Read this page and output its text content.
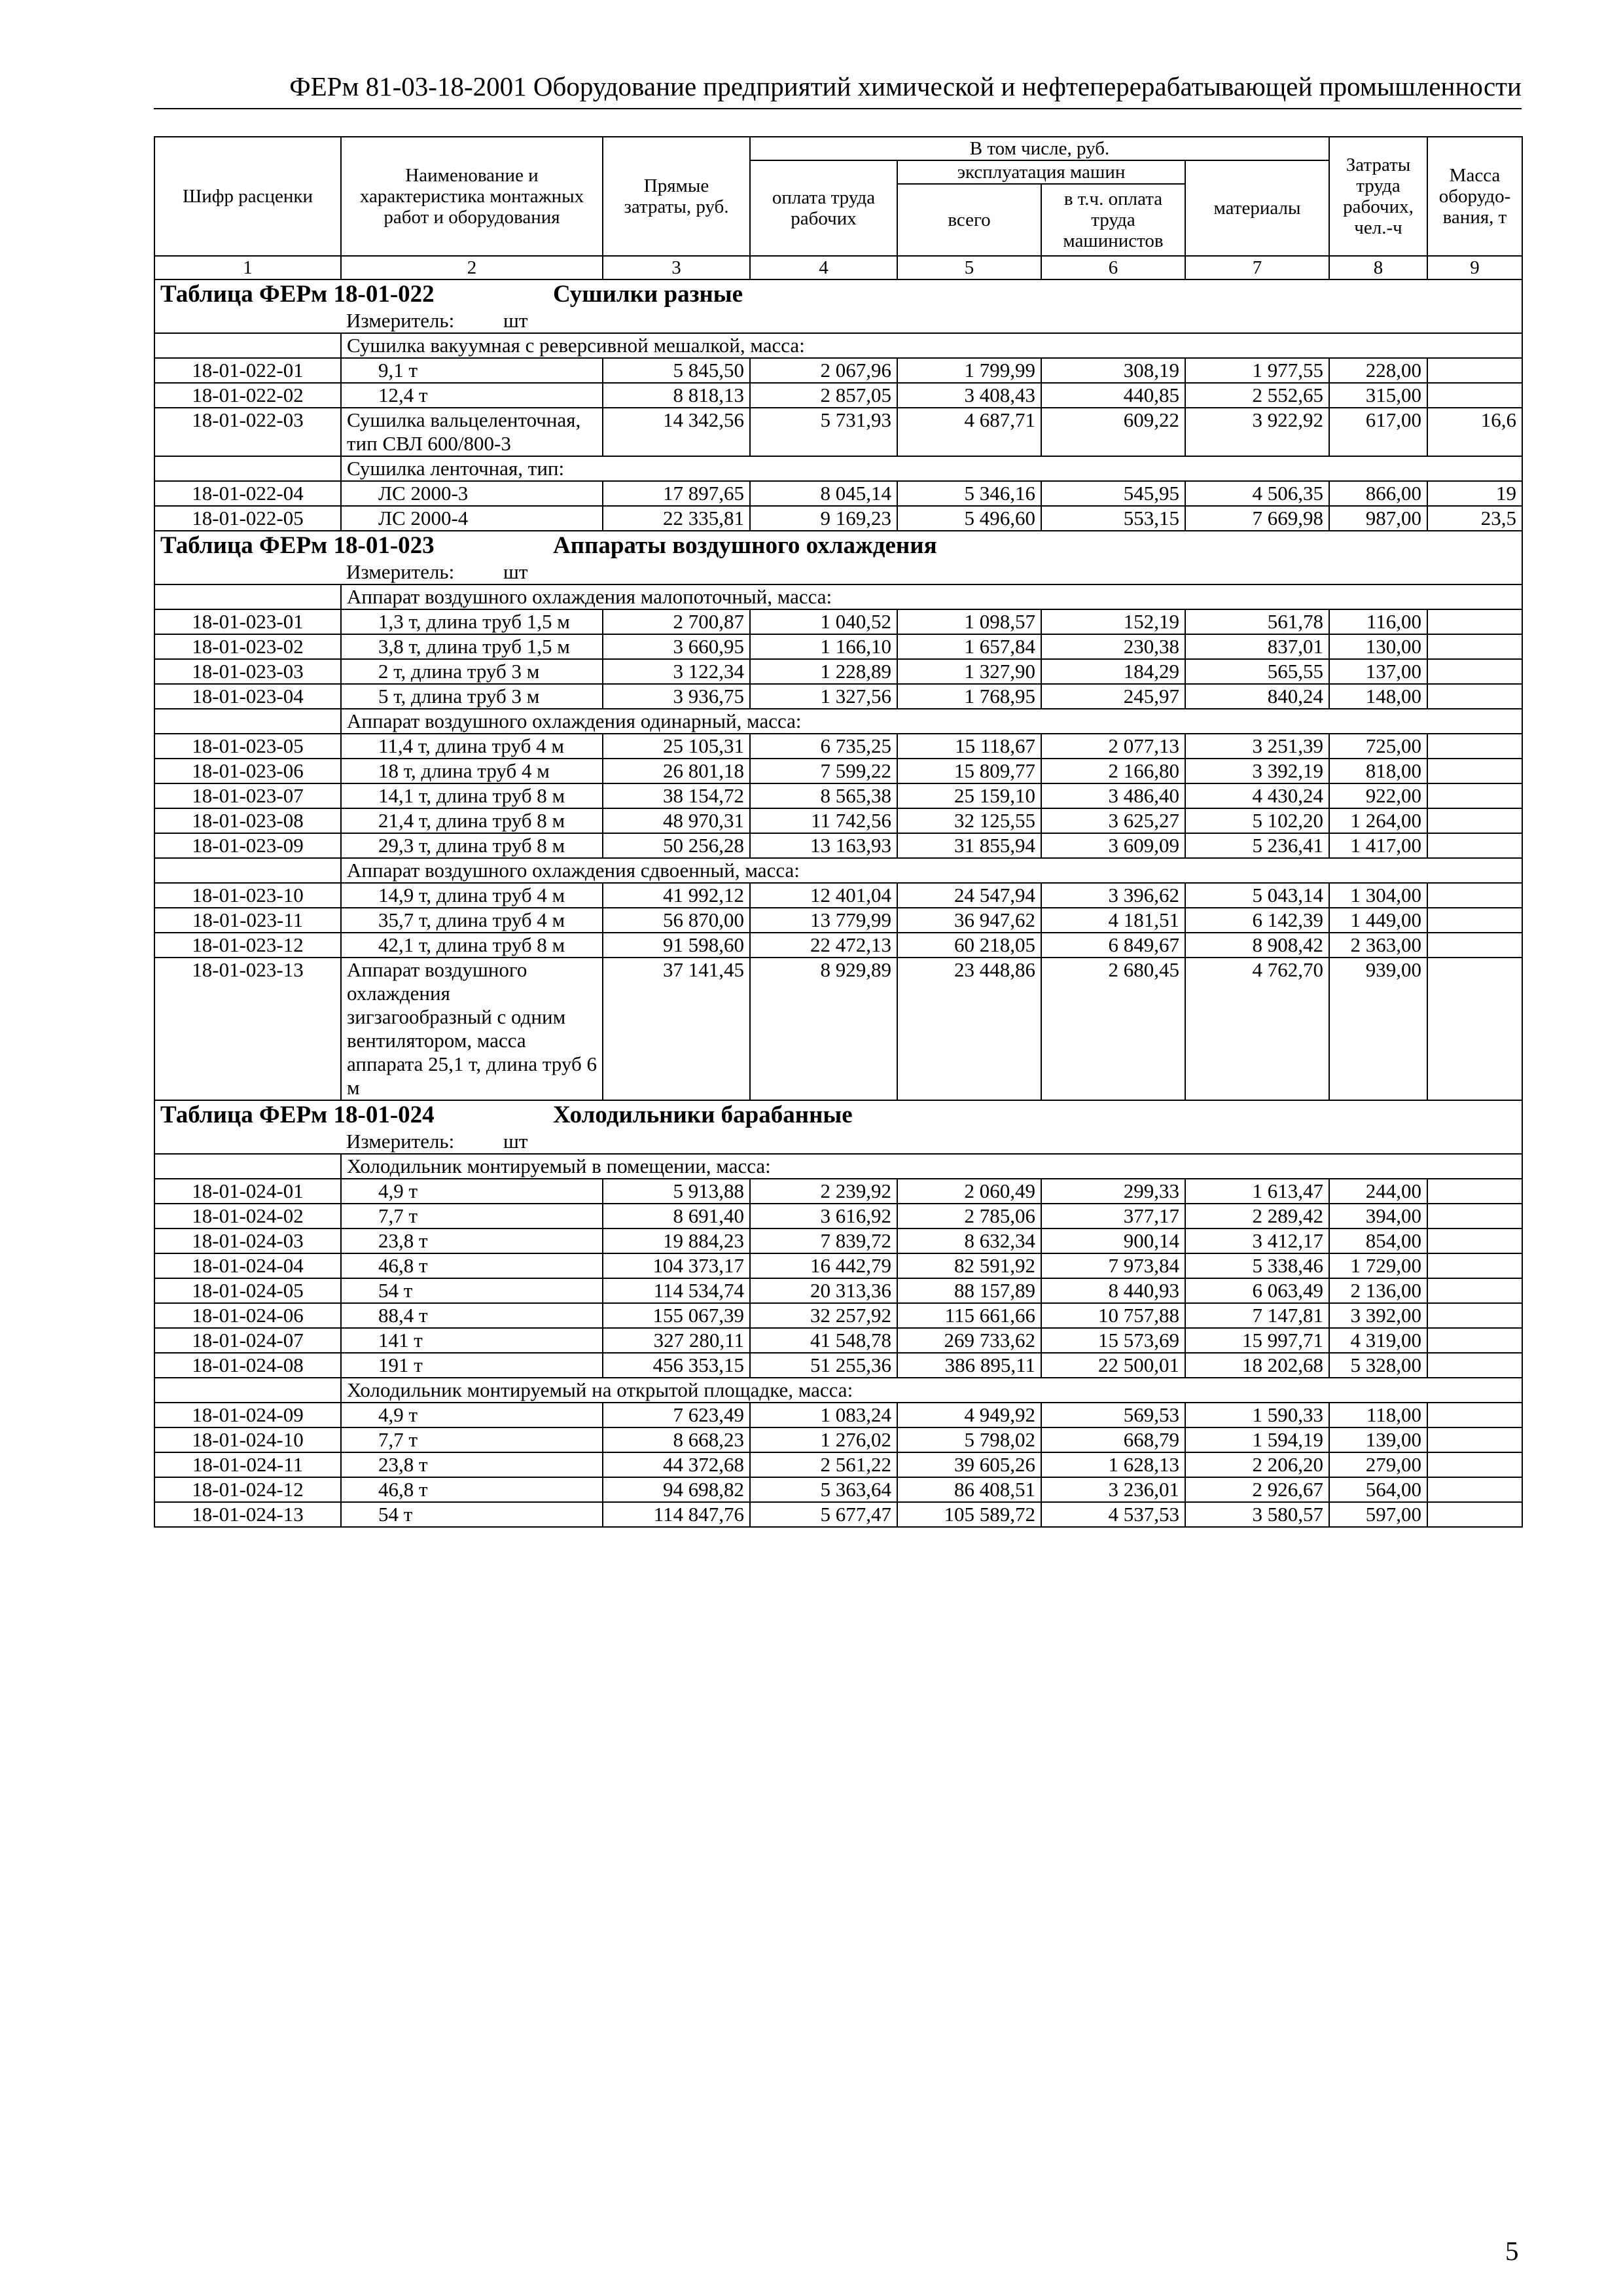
ФЕРм 81-03-18-2001 Оборудование предприятий химической и нефтеперерабатывающей промышленности
Шифр расценки	Наименование и характеристика монтажных работ и оборудования	Прямые затраты, руб.	В том числе, руб.				Затраты труда рабочих, чел.-ч	Масса оборудо-вания, т
			оплата труда рабочих	эксплуатация машин		материалы		
				всего	в т.ч. оплата труда машинистов			
1	2	3	4	5	6	7	8	9
Таблица ФЕРм 18-01-022 Сушилки разные								
	Измеритель: шт							
	Сушилка вакуумная с реверсивной мешалкой, масса:							
18-01-022-01	9,1 т	5 845,50	2 067,96	1 799,99	308,19	1 977,55	228,00	
18-01-022-02	12,4 т	8 818,13	2 857,05	3 408,43	440,85	2 552,65	315,00	
18-01-022-03	Сушилка вальцеленточная, тип СВЛ 600/800-3	14 342,56	5 731,93	4 687,71	609,22	3 922,92	617,00	16,6
	Сушилка ленточная, тип:							
18-01-022-04	ЛС 2000-3	17 897,65	8 045,14	5 346,16	545,95	4 506,35	866,00	19
18-01-022-05	ЛС 2000-4	22 335,81	9 169,23	5 496,60	553,15	7 669,98	987,00	23,5
Таблица ФЕРм 18-01-023 Аппараты воздушного охлаждения								
	Измеритель: шт							
	Аппарат воздушного охлаждения малопоточный, масса:							
18-01-023-01	1,3 т, длина труб 1,5 м	2 700,87	1 040,52	1 098,57	152,19	561,78	116,00	
18-01-023-02	3,8 т, длина труб 1,5 м	3 660,95	1 166,10	1 657,84	230,38	837,01	130,00	
18-01-023-03	2 т, длина труб 3 м	3 122,34	1 228,89	1 327,90	184,29	565,55	137,00	
18-01-023-04	5 т, длина труб 3 м	3 936,75	1 327,56	1 768,95	245,97	840,24	148,00	
	Аппарат воздушного охлаждения одинарный, масса:							
18-01-023-05	11,4 т, длина труб 4 м	25 105,31	6 735,25	15 118,67	2 077,13	3 251,39	725,00	
18-01-023-06	18 т, длина труб 4 м	26 801,18	7 599,22	15 809,77	2 166,80	3 392,19	818,00	
18-01-023-07	14,1 т, длина труб 8 м	38 154,72	8 565,38	25 159,10	3 486,40	4 430,24	922,00	
18-01-023-08	21,4 т, длина труб 8 м	48 970,31	11 742,56	32 125,55	3 625,27	5 102,20	1 264,00	
18-01-023-09	29,3 т, длина труб 8 м	50 256,28	13 163,93	31 855,94	3 609,09	5 236,41	1 417,00	
	Аппарат воздушного охлаждения сдвоенный, масса:							
18-01-023-10	14,9 т, длина труб 4 м	41 992,12	12 401,04	24 547,94	3 396,62	5 043,14	1 304,00	
18-01-023-11	35,7 т, длина труб 4 м	56 870,00	13 779,99	36 947,62	4 181,51	6 142,39	1 449,00	
18-01-023-12	42,1 т, длина труб 8 м	91 598,60	22 472,13	60 218,05	6 849,67	8 908,42	2 363,00	
18-01-023-13	Аппарат воздушного охлаждения зигзагообразный с одним вентилятором, масса аппарата 25,1 т, длина труб 6 м	37 141,45	8 929,89	23 448,86	2 680,45	4 762,70	939,00	
Таблица ФЕРм 18-01-024 Холодильники барабанные								
	Измеритель: шт							
	Холодильник монтируемый в помещении, масса:							
18-01-024-01	4,9 т	5 913,88	2 239,92	2 060,49	299,33	1 613,47	244,00	
18-01-024-02	7,7 т	8 691,40	3 616,92	2 785,06	377,17	2 289,42	394,00	
18-01-024-03	23,8 т	19 884,23	7 839,72	8 632,34	900,14	3 412,17	854,00	
18-01-024-04	46,8 т	104 373,17	16 442,79	82 591,92	7 973,84	5 338,46	1 729,00	
18-01-024-05	54 т	114 534,74	20 313,36	88 157,89	8 440,93	6 063,49	2 136,00	
18-01-024-06	88,4 т	155 067,39	32 257,92	115 661,66	10 757,88	7 147,81	3 392,00	
18-01-024-07	141 т	327 280,11	41 548,78	269 733,62	15 573,69	15 997,71	4 319,00	
18-01-024-08	191 т	456 353,15	51 255,36	386 895,11	22 500,01	18 202,68	5 328,00	
	Холодильник монтируемый на открытой площадке, масса:							
18-01-024-09	4,9 т	7 623,49	1 083,24	4 949,92	569,53	1 590,33	118,00	
18-01-024-10	7,7 т	8 668,23	1 276,02	5 798,02	668,79	1 594,19	139,00	
18-01-024-11	23,8 т	44 372,68	2 561,22	39 605,26	1 628,13	2 206,20	279,00	
18-01-024-12	46,8 т	94 698,82	5 363,64	86 408,51	3 236,01	2 926,67	564,00	
18-01-024-13	54 т	114 847,76	5 677,47	105 589,72	4 537,53	3 580,57	597,00	
5
